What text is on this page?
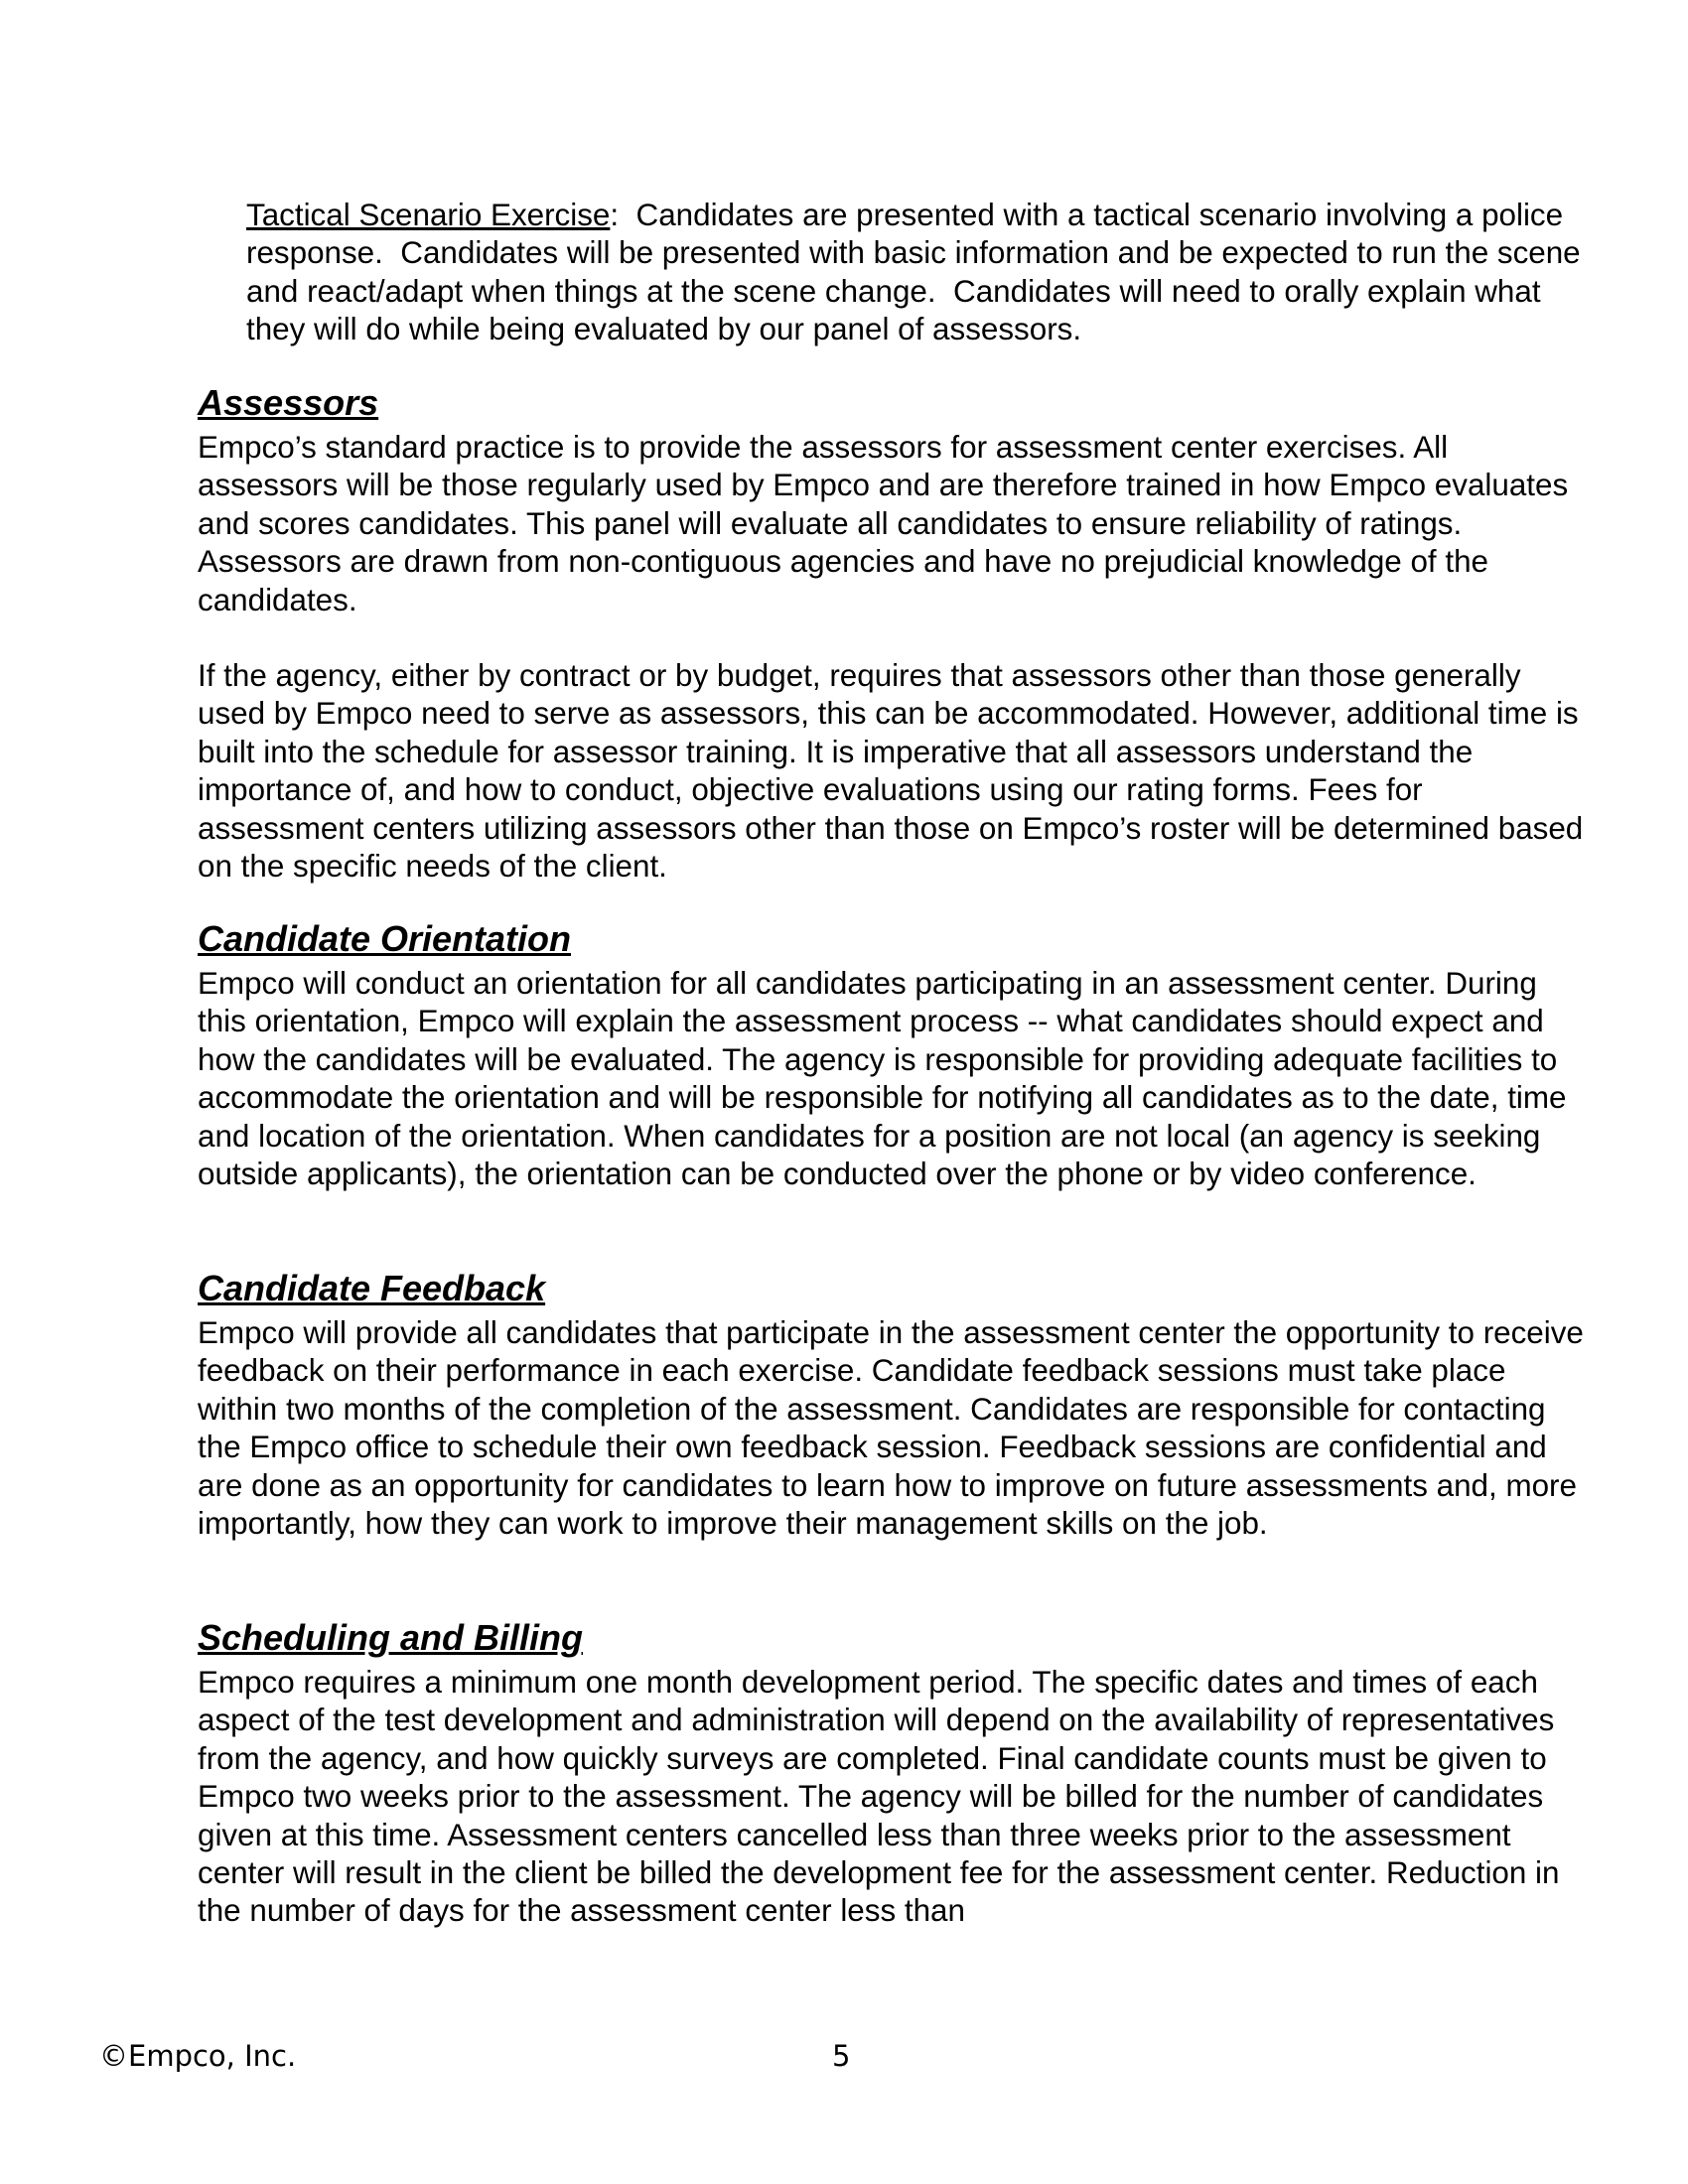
Tactical Scenario Exercise:  Candidates are presented with a tactical scenario involving a police response.  Candidates will be presented with basic information and be expected to run the scene and react/adapt when things at the scene change.  Candidates will need to orally explain what they will do while being evaluated by our panel of assessors.
Assessors

Empco’s standard practice is to provide the assessors for assessment center exercises. All assessors will be those regularly used by Empco and are therefore trained in how Empco evaluates and scores candidates. This panel will evaluate all candidates to ensure reliability of ratings. Assessors are drawn from non-contiguous agencies and have no prejudicial knowledge of the candidates.

If the agency, either by contract or by budget, requires that assessors other than those generally used by Empco need to serve as assessors, this can be accommodated. However, additional time is built into the schedule for assessor training. It is imperative that all assessors understand the importance of, and how to conduct, objective evaluations using our rating forms. Fees for assessment centers utilizing assessors other than those on Empco’s roster will be determined based on the specific needs of the client.

Candidate Orientation

Empco will conduct an orientation for all candidates participating in an assessment center. During this orientation, Empco will explain the assessment process -- what candidates should expect and how the candidates will be evaluated. The agency is responsible for providing adequate facilities to accommodate the orientation and will be responsible for notifying all candidates as to the date, time and location of the orientation. When candidates for a position are not local (an agency is seeking outside applicants), the orientation can be conducted over the phone or by video conference.

Candidate Feedback

Empco will provide all candidates that participate in the assessment center the opportunity to receive feedback on their performance in each exercise. Candidate feedback sessions must take place within two months of the completion of the assessment. Candidates are responsible for contacting the Empco office to schedule their own feedback session. Feedback sessions are confidential and are done as an opportunity for candidates to learn how to improve on future assessments and, more importantly, how they can work to improve their management skills on the job.

Scheduling and Billing

Empco requires a minimum one month development period. The specific dates and times of each aspect of the test development and administration will depend on the availability of representatives from the agency, and how quickly surveys are completed. Final candidate counts must be given to Empco two weeks prior to the assessment. The agency will be billed for the number of candidates given at this time. Assessment centers cancelled less than three weeks prior to the assessment center will result in the client be billed the development fee for the assessment center. Reduction in the number of days for the assessment center less than

©Empco, Inc.	5
